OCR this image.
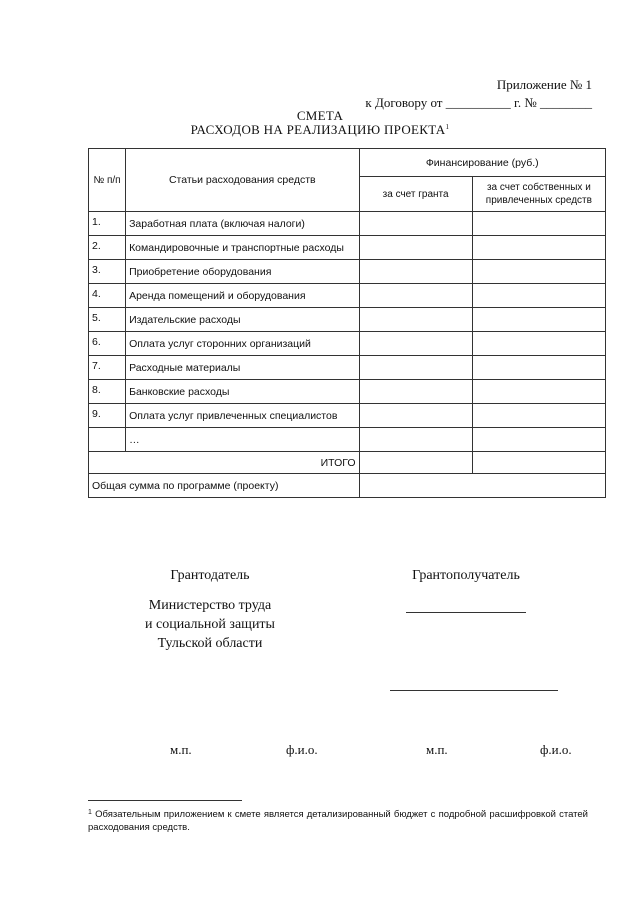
Приложение № 1
к Договору от __________ г. № ________
СМЕТА
РАСХОДОВ НА РЕАЛИЗАЦИЮ ПРОЕКТА$^1$
№ п/п	Статьи расходования средств	Финансирование (руб.)	
		за счет гранта	за счет собственных и привлеченных средств
1.	Заработная плата (включая налоги)		
2.	Командировочные и транспортные расходы		
3.	Приобретение оборудования		
4.	Аренда помещений и оборудования		
5.	Издательские расходы		
6.	Оплата услуг сторонних организаций		
7.	Расходные материалы		
8.	Банковские расходы		
9.	Оплата услуг привлеченных специалистов		
	…		
ИТОГО			
Общая сумма по программе (проекту)			
Грантодатель
Министерство труда
и социальной защиты
Тульской области
Грантополучатель
м.п.	ф.и.о.	м.п.	ф.и.о.
$^1$ Обязательным приложением к смете является детализированный бюджет с подробной расшифровкой статей расходования средств.
